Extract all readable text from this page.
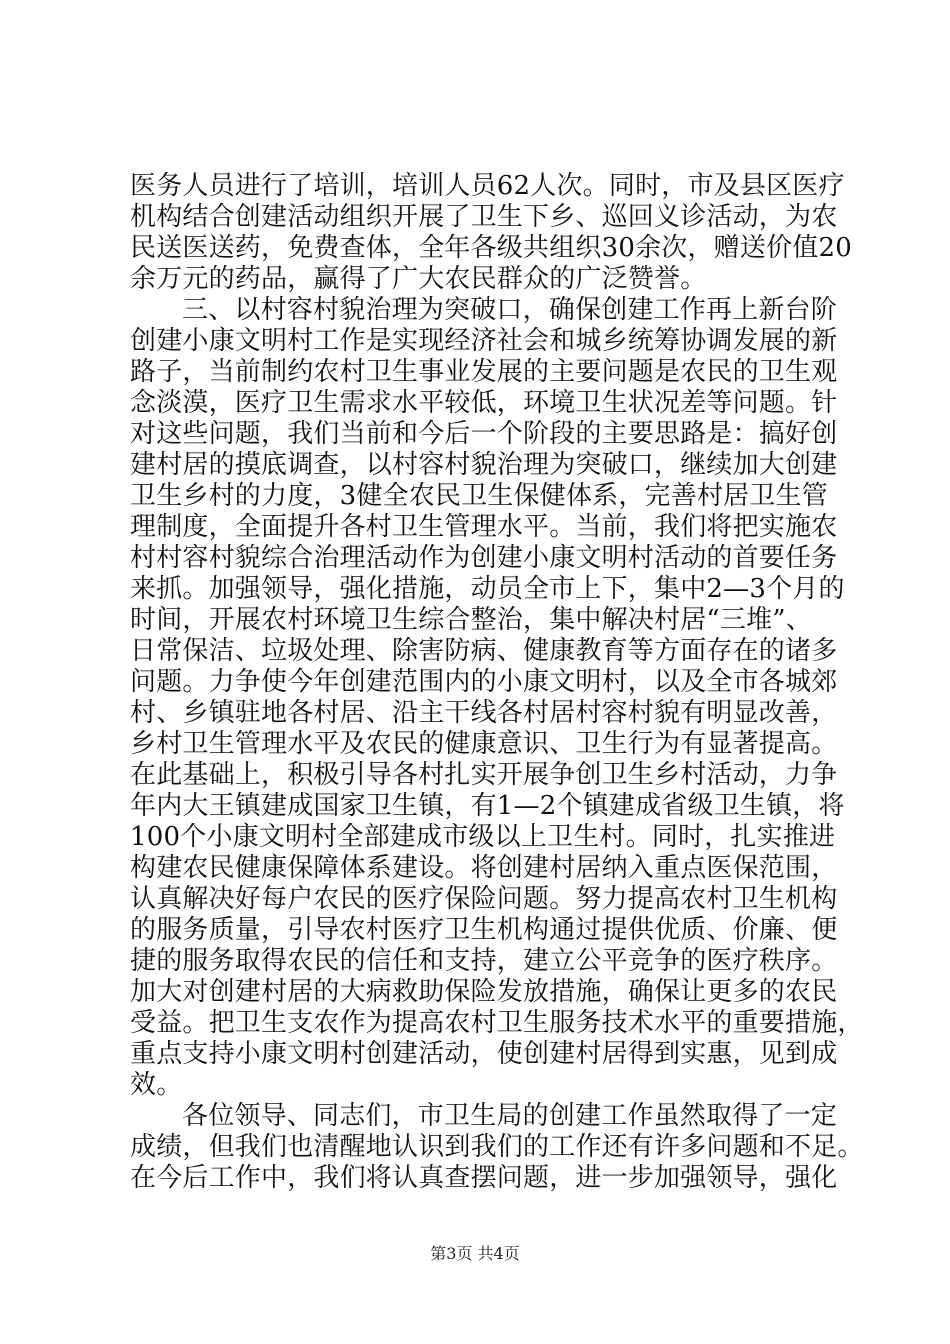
医务人员进行了培训，培训人员62人次。同时，市及县区医疗
机构结合创建活动组织开展了卫生下乡、巡回义诊活动，为农
民送医送药，免费查体，全年各级共组织30余次，赠送价值20
余万元的药品，赢得了广大农民群众的广泛赞誉。
三、以村容村貌治理为突破口，确保创建工作再上新台阶
创建小康文明村工作是实现经济社会和城乡统筹协调发展的新
路子，当前制约农村卫生事业发展的主要问题是农民的卫生观
念淡漠，医疗卫生需求水平较低，环境卫生状况差等问题。针
对这些问题，我们当前和今后一个阶段的主要思路是：搞好创
建村居的摸底调查，以村容村貌治理为突破口，继续加大创建
卫生乡村的力度，3健全农民卫生保健体系，完善村居卫生管
理制度，全面提升各村卫生管理水平。当前，我们将把实施农
村村容村貌综合治理活动作为创建小康文明村活动的首要任务
来抓。加强领导，强化措施，动员全市上下，集中2—3个月的
时间，开展农村环境卫生综合整治，集中解决村居“三堆”、
日常保洁、垃圾处理、除害防病、健康教育等方面存在的诸多
问题。力争使今年创建范围内的小康文明村，以及全市各城郊
村、乡镇驻地各村居、沿主干线各村居村容村貌有明显改善，
乡村卫生管理水平及农民的健康意识、卫生行为有显著提高。
在此基础上，积极引导各村扎实开展争创卫生乡村活动，力争
年内大王镇建成国家卫生镇，有1—2个镇建成省级卫生镇，将
100个小康文明村全部建成市级以上卫生村。同时，扎实推进
构建农民健康保障体系建设。将创建村居纳入重点医保范围，
认真解决好每户农民的医疗保险问题。努力提高农村卫生机构
的服务质量，引导农村医疗卫生机构通过提供优质、价廉、便
捷的服务取得农民的信任和支持，建立公平竞争的医疗秩序。
加大对创建村居的大病救助保险发放措施，确保让更多的农民
受益。把卫生支农作为提高农村卫生服务技术水平的重要措施，
重点支持小康文明村创建活动，使创建村居得到实惠，见到成
效。
各位领导、同志们，市卫生局的创建工作虽然取得了一定
成绩，但我们也清醒地认识到我们的工作还有许多问题和不足。
在今后工作中，我们将认真查摆问题，进一步加强领导，强化
第3页 共4页
